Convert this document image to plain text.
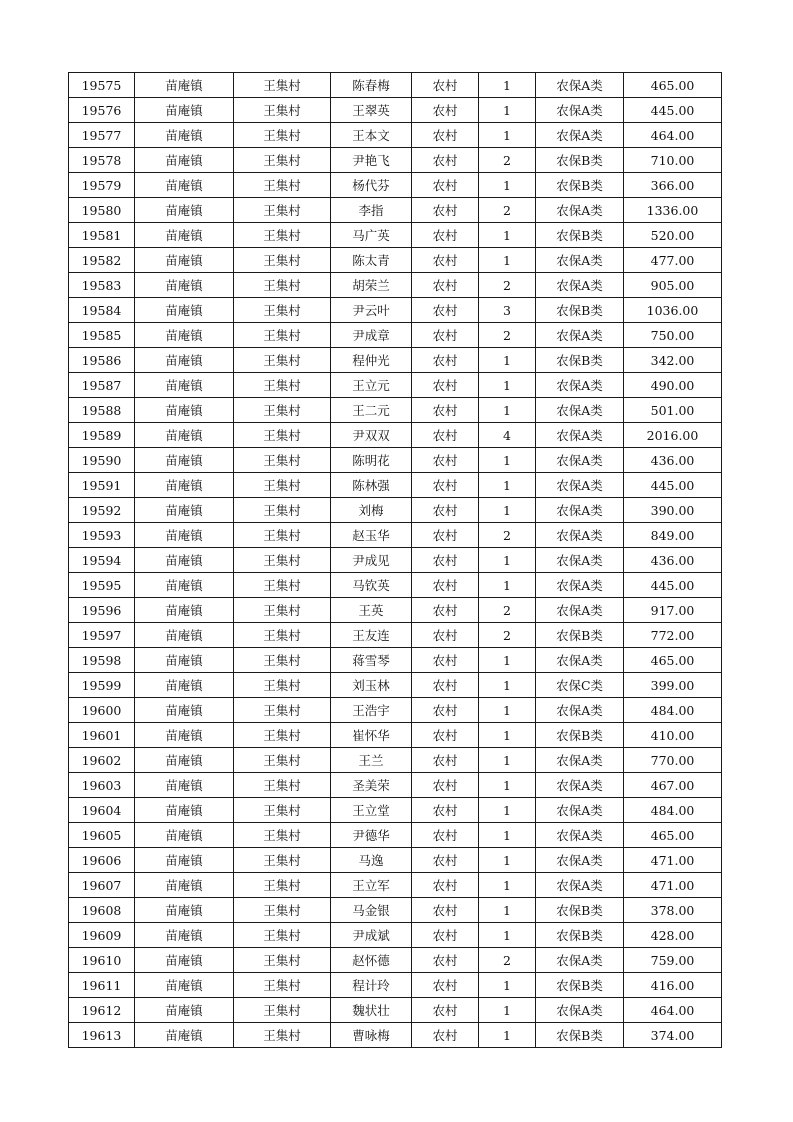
19575	苗庵镇	王集村	陈春梅	农村	1	农保A类	465.00
19576	苗庵镇	王集村	王翠英	农村	1	农保A类	445.00
19577	苗庵镇	王集村	王本文	农村	1	农保A类	464.00
19578	苗庵镇	王集村	尹艳飞	农村	2	农保B类	710.00
19579	苗庵镇	王集村	杨代芬	农村	1	农保B类	366.00
19580	苗庵镇	王集村	李指	农村	2	农保A类	1336.00
19581	苗庵镇	王集村	马广英	农村	1	农保B类	520.00
19582	苗庵镇	王集村	陈太青	农村	1	农保A类	477.00
19583	苗庵镇	王集村	胡荣兰	农村	2	农保A类	905.00
19584	苗庵镇	王集村	尹云叶	农村	3	农保B类	1036.00
19585	苗庵镇	王集村	尹成章	农村	2	农保A类	750.00
19586	苗庵镇	王集村	程仲光	农村	1	农保B类	342.00
19587	苗庵镇	王集村	王立元	农村	1	农保A类	490.00
19588	苗庵镇	王集村	王二元	农村	1	农保A类	501.00
19589	苗庵镇	王集村	尹双双	农村	4	农保A类	2016.00
19590	苗庵镇	王集村	陈明花	农村	1	农保A类	436.00
19591	苗庵镇	王集村	陈林强	农村	1	农保A类	445.00
19592	苗庵镇	王集村	刘梅	农村	1	农保A类	390.00
19593	苗庵镇	王集村	赵玉华	农村	2	农保A类	849.00
19594	苗庵镇	王集村	尹成见	农村	1	农保A类	436.00
19595	苗庵镇	王集村	马钦英	农村	1	农保A类	445.00
19596	苗庵镇	王集村	王英	农村	2	农保A类	917.00
19597	苗庵镇	王集村	王友连	农村	2	农保B类	772.00
19598	苗庵镇	王集村	蒋雪琴	农村	1	农保A类	465.00
19599	苗庵镇	王集村	刘玉林	农村	1	农保C类	399.00
19600	苗庵镇	王集村	王浩宇	农村	1	农保A类	484.00
19601	苗庵镇	王集村	崔怀华	农村	1	农保B类	410.00
19602	苗庵镇	王集村	王兰	农村	1	农保A类	770.00
19603	苗庵镇	王集村	圣美荣	农村	1	农保A类	467.00
19604	苗庵镇	王集村	王立堂	农村	1	农保A类	484.00
19605	苗庵镇	王集村	尹德华	农村	1	农保A类	465.00
19606	苗庵镇	王集村	马逸	农村	1	农保A类	471.00
19607	苗庵镇	王集村	王立军	农村	1	农保A类	471.00
19608	苗庵镇	王集村	马金银	农村	1	农保B类	378.00
19609	苗庵镇	王集村	尹成斌	农村	1	农保B类	428.00
19610	苗庵镇	王集村	赵怀德	农村	2	农保A类	759.00
19611	苗庵镇	王集村	程计玲	农村	1	农保B类	416.00
19612	苗庵镇	王集村	魏状壮	农村	1	农保A类	464.00
19613	苗庵镇	王集村	曹咏梅	农村	1	农保B类	374.00
